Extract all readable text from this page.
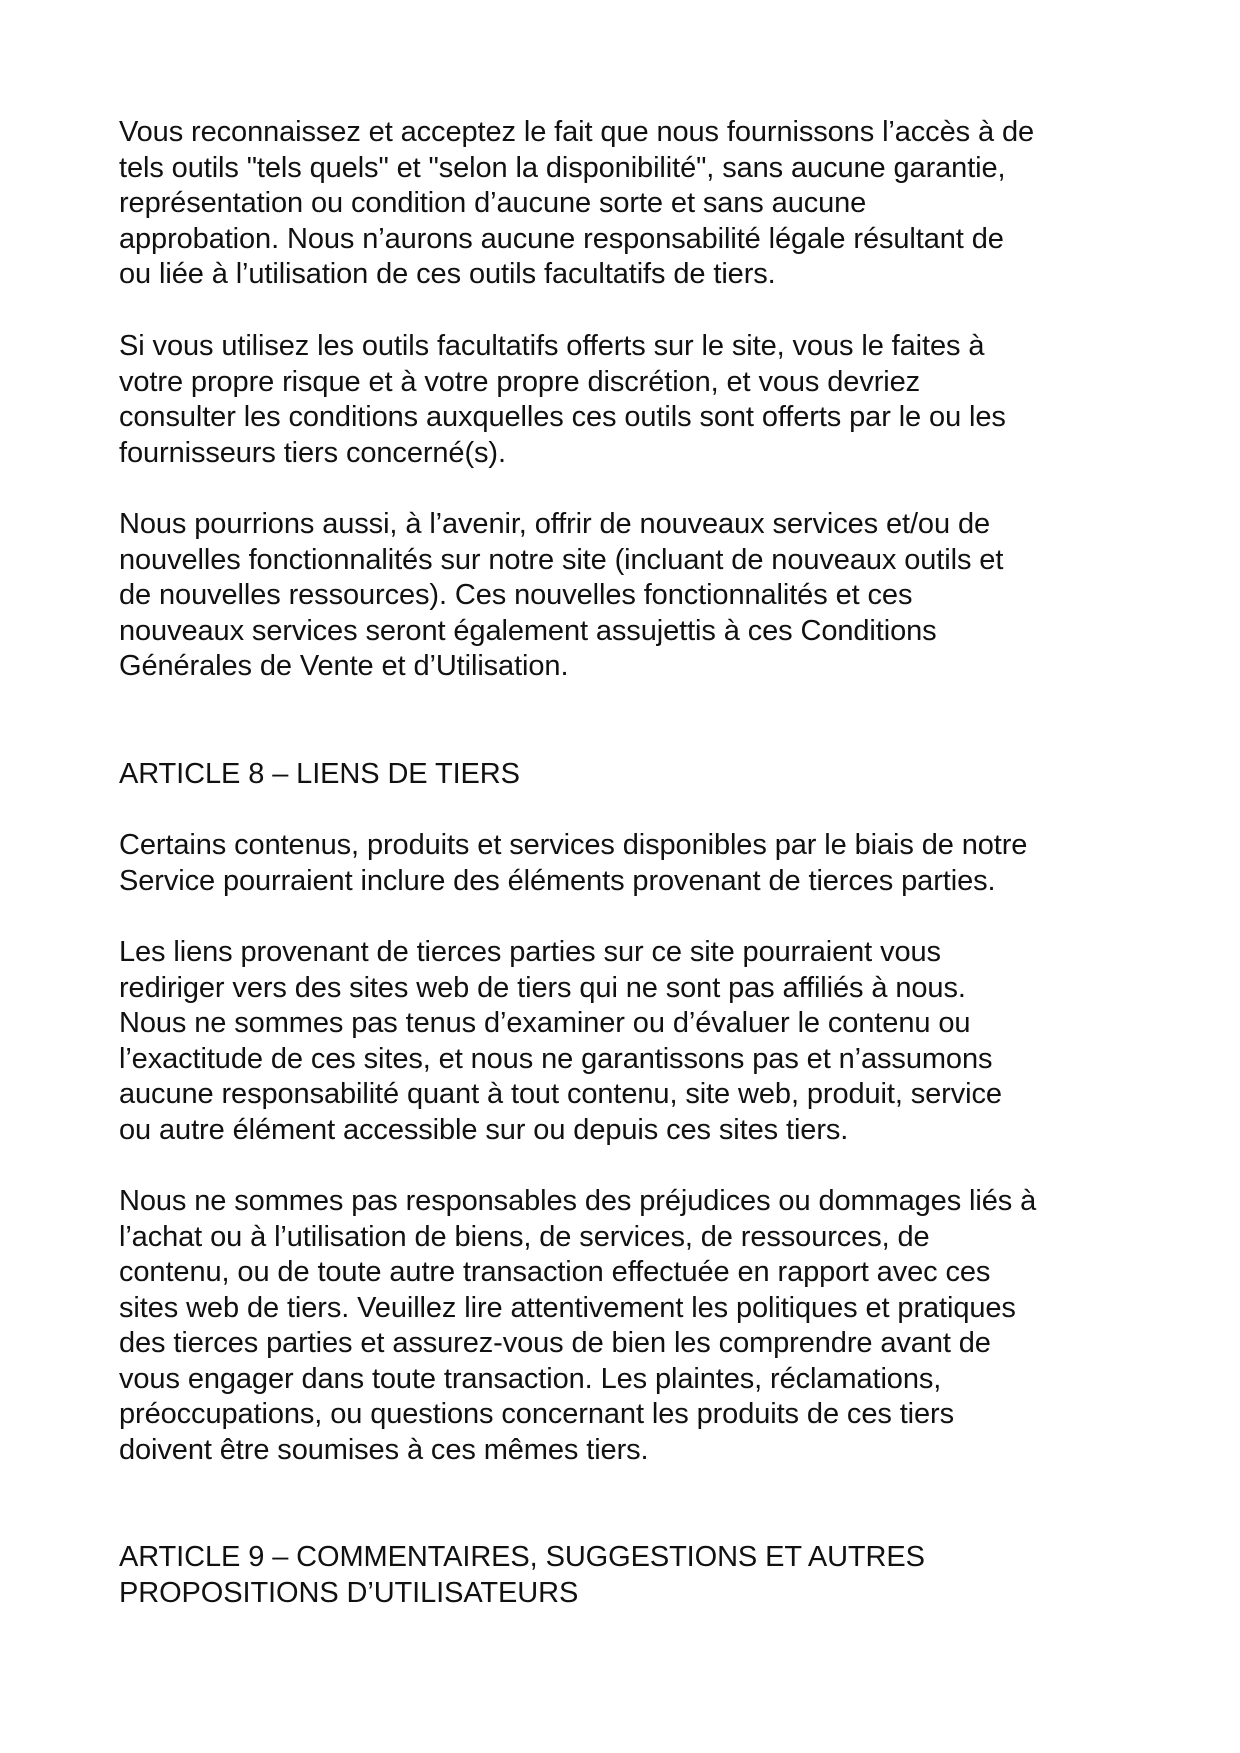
Vous reconnaissez et acceptez le fait que nous fournissons l’accès à de
tels outils "tels quels" et "selon la disponibilité", sans aucune garantie,
représentation ou condition d’aucune sorte et sans aucune
approbation. Nous n’aurons aucune responsabilité légale résultant de
ou liée à l’utilisation de ces outils facultatifs de tiers.
Si vous utilisez les outils facultatifs offerts sur le site, vous le faites à
votre propre risque et à votre propre discrétion, et vous devriez
consulter les conditions auxquelles ces outils sont offerts par le ou les
fournisseurs tiers concerné(s).
Nous pourrions aussi, à l’avenir, offrir de nouveaux services et/ou de
nouvelles fonctionnalités sur notre site (incluant de nouveaux outils et
de nouvelles ressources). Ces nouvelles fonctionnalités et ces
nouveaux services seront également assujettis à ces Conditions
Générales de Vente et d’Utilisation.
ARTICLE 8 – LIENS DE TIERS
Certains contenus, produits et services disponibles par le biais de notre
Service pourraient inclure des éléments provenant de tierces parties.
Les liens provenant de tierces parties sur ce site pourraient vous
rediriger vers des sites web de tiers qui ne sont pas affiliés à nous.
Nous ne sommes pas tenus d’examiner ou d’évaluer le contenu ou
l’exactitude de ces sites, et nous ne garantissons pas et n’assumons
aucune responsabilité quant à tout contenu, site web, produit, service
ou autre élément accessible sur ou depuis ces sites tiers.
Nous ne sommes pas responsables des préjudices ou dommages liés à
l’achat ou à l’utilisation de biens, de services, de ressources, de
contenu, ou de toute autre transaction effectuée en rapport avec ces
sites web de tiers. Veuillez lire attentivement les politiques et pratiques
des tierces parties et assurez-vous de bien les comprendre avant de
vous engager dans toute transaction. Les plaintes, réclamations,
préoccupations, ou questions concernant les produits de ces tiers
doivent être soumises à ces mêmes tiers.
ARTICLE 9 – COMMENTAIRES, SUGGESTIONS ET AUTRES
PROPOSITIONS D’UTILISATEURS
